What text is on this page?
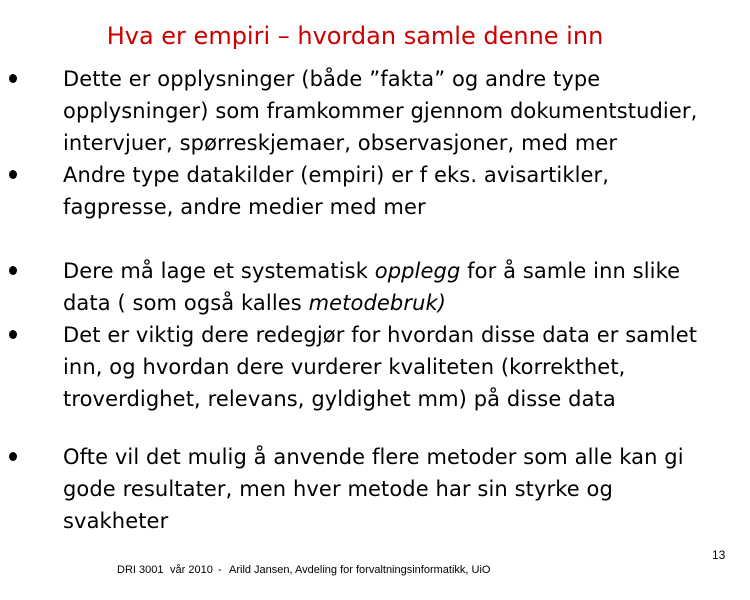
Hva er empiri – hvordan samle denne inn
Dette er opplysninger (både ”fakta” og andre type opplysninger) som framkommer gjennom dokumentstudier, intervjuer, spørreskjemaer, observasjoner, med mer
Andre type datakilder (empiri) er f eks. avisartikler, fagpresse, andre medier med mer
Dere må lage et systematisk opplegg for å samle inn slike data ( som også kalles metodebruk)
Det er viktig dere redegjør for hvordan disse data er samlet inn, og hvordan dere vurderer kvaliteten (korrekthet, troverdighet, relevans, gyldighet mm) på disse data
Ofte vil det mulig å anvende flere metoder som alle kan gi gode resultater, men hver metode har sin styrke og svakheter
DRI 3001 vår 2010 - Arild Jansen, Avdeling for forvaltningsinformatikk, UiO
13
